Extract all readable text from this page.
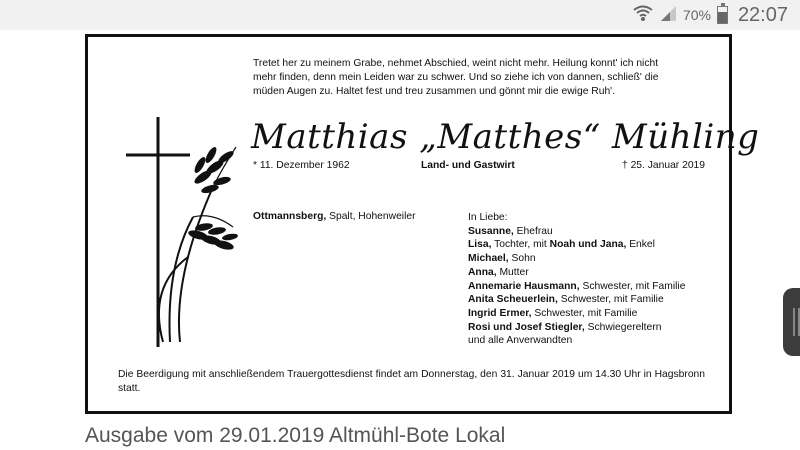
70% 22:07
Tretet her zu meinem Grabe, nehmet Abschied, weint nicht mehr. Heilung konnt' ich nicht
mehr finden, denn mein Leiden war zu schwer. Und so ziehe ich von dannen, schließ' die
müden Augen zu. Haltet fest und treu zusammen und gönnt mir die ewige Ruh'.
Matthias „Matthes“ Mühling
* 11. Dezember 1962	Land- und Gastwirt	† 25. Januar 2019
Ottmannsberg, Spalt, Hohenweiler	In Liebe:
Susanne, Ehefrau
Lisa, Tochter, mit Noah und Jana, Enkel
Michael, Sohn
Anna, Mutter
Annemarie Hausmann, Schwester, mit Familie
Anita Scheuerlein, Schwester, mit Familie
Ingrid Ermer, Schwester, mit Familie
Rosi und Josef Stiegler, Schwiegereltern
und alle Anverwandten
Die Beerdigung mit anschließendem Trauergottesdienst findet am Donnerstag, den 31. Januar 2019 um 14.30 Uhr in Hagsbronn statt.
Ausgabe vom 29.01.2019 Altmühl-Bote Lokal
